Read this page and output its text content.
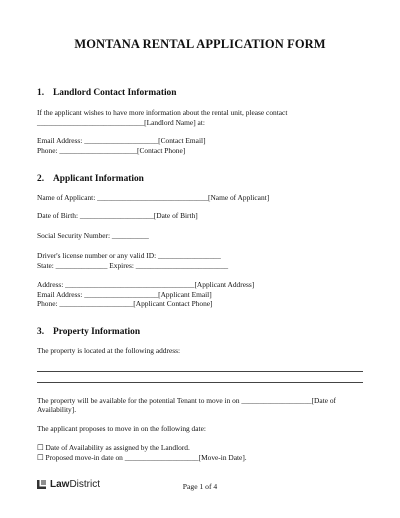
MONTANA RENTAL APPLICATION FORM
1. Landlord Contact Information
If the applicant wishes to have more information about the rental unit, please contact
_____________________________[Landlord Name] at:
Email Address: ____________________[Contact Email]
Phone: _____________________[Contact Phone]
2. Applicant Information
Name of Applicant: ______________________________[Name of Applicant]
Date of Birth: ____________________[Date of Birth]
Social Security Number: __________
Driver's license number or any valid ID: _________________
State: ______________ Expires: _________________________
Address: ___________________________________[Applicant Address]
Email Address: ____________________[Applicant Email]
Phone: ____________________[Applicant Contact Phone]
3. Property Information
The property is located at the following address:
The property will be available for the potential Tenant to move in on ___________________[Date of
Availability].
The applicant proposes to move in on the following date:
☐ Date of Availability as assigned by the Landlord.
☐ Proposed move-in date on ____________________[Move-in Date].
Law District	Page 1 of 4
